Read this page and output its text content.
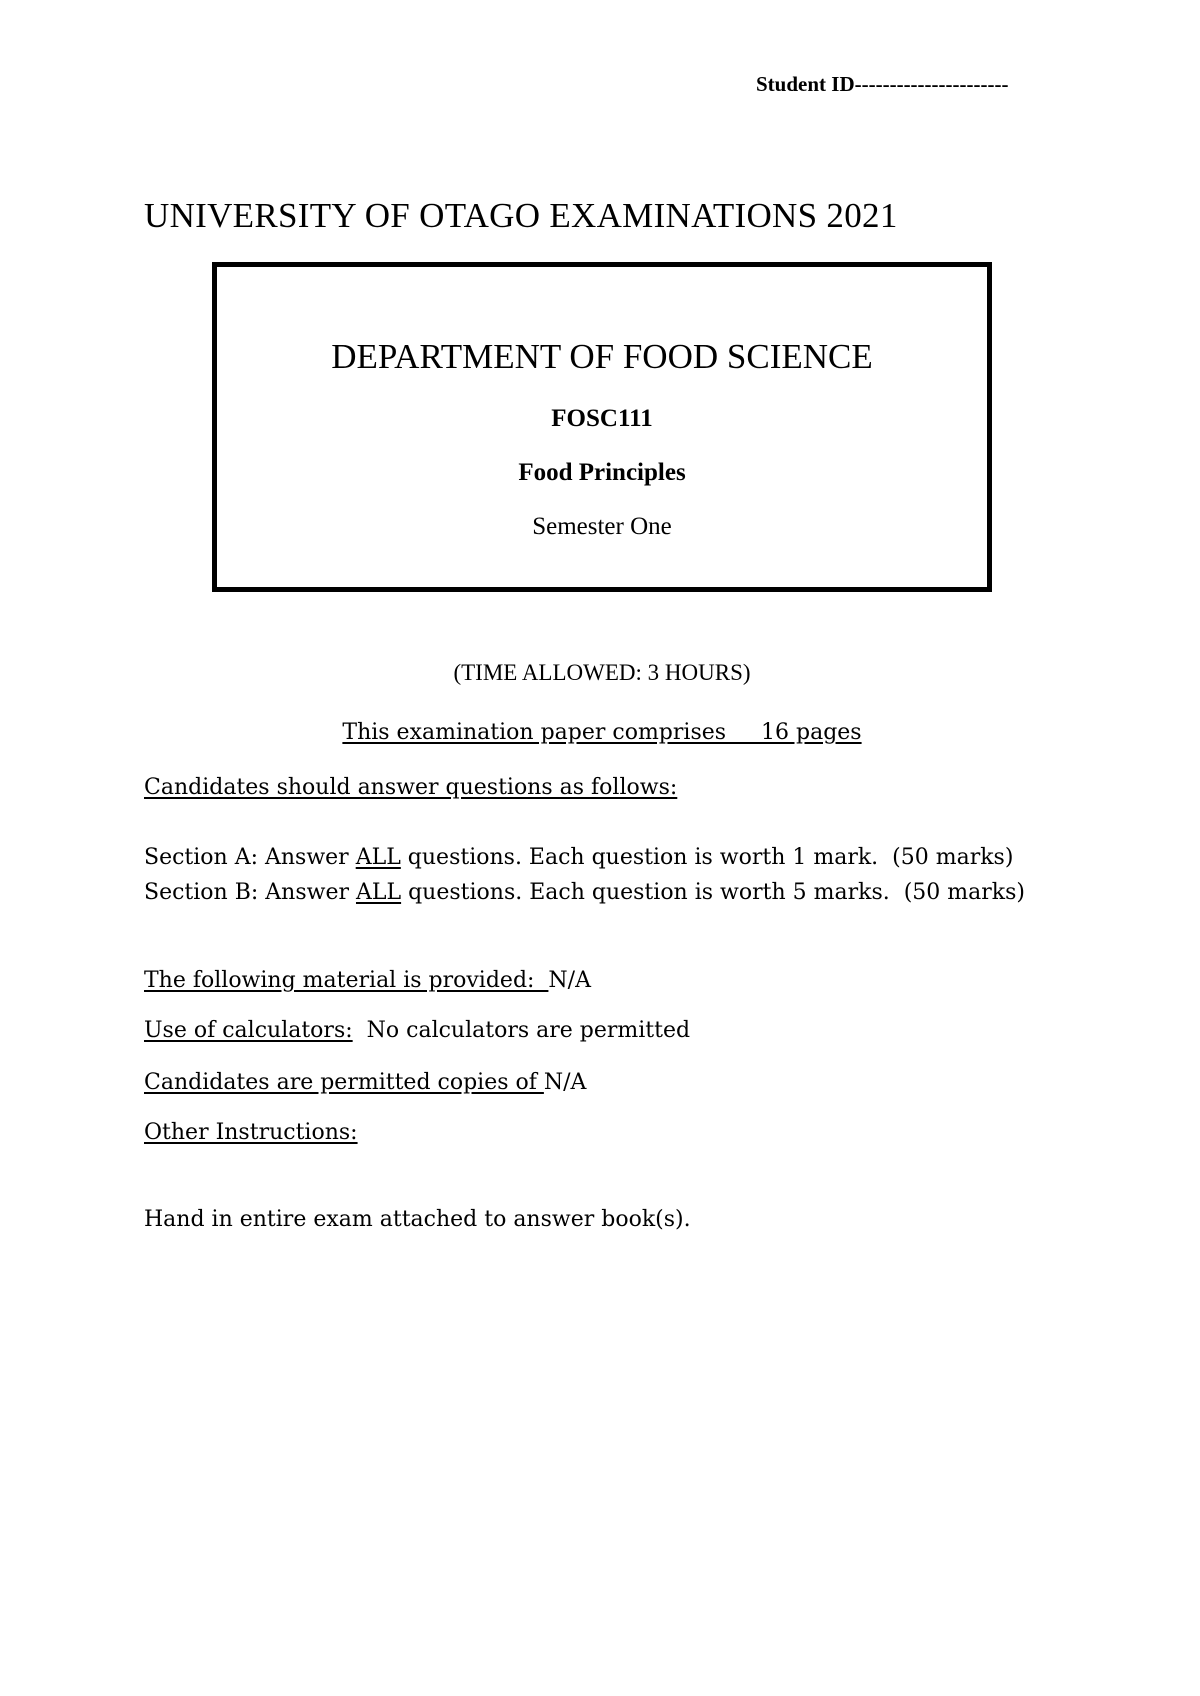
Student ID----------------------
UNIVERSITY OF OTAGO EXAMINATIONS 2021
DEPARTMENT OF FOOD SCIENCE
FOSC111
Food Principles
Semester One
(TIME ALLOWED: 3 HOURS)
This examination paper comprises     16 pages
Candidates should answer questions as follows:
Section A: Answer ALL questions. Each question is worth 1 mark.  (50 marks)
Section B: Answer ALL questions. Each question is worth 5 marks.  (50 marks)
The following material is provided:  N/A
Use of calculators:  No calculators are permitted
Candidates are permitted copies of N/A
Other Instructions:
Hand in entire exam attached to answer book(s).
